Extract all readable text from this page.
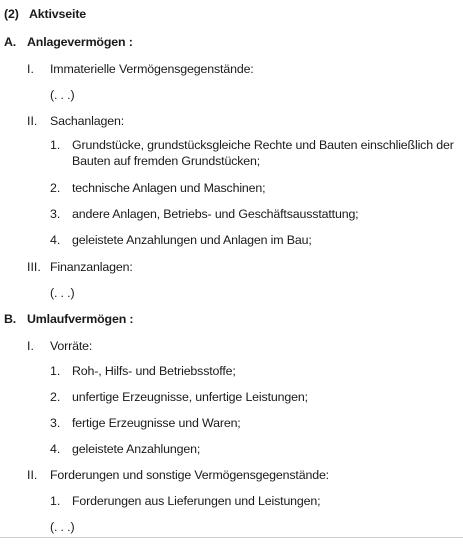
(2) Aktivseite
A. Anlagevermögen :
I. Immaterielle Vermögensgegenstände:
(. . .)
II. Sachanlagen:
1. Grundstücke, grundstücksgleiche Rechte und Bauten einschließlich der Bauten auf fremden Grundstücken;
2. technische Anlagen und Maschinen;
3. andere Anlagen, Betriebs- und Geschäftsausstattung;
4. geleistete Anzahlungen und Anlagen im Bau;
III. Finanzanlagen:
(. . .)
B. Umlaufvermögen :
I. Vorräte:
1. Roh-, Hilfs- und Betriebsstoffe;
2. unfertige Erzeugnisse, unfertige Leistungen;
3. fertige Erzeugnisse und Waren;
4. geleistete Anzahlungen;
II. Forderungen und sonstige Vermögensgegenstände:
1. Forderungen aus Lieferungen und Leistungen;
(. . .)
